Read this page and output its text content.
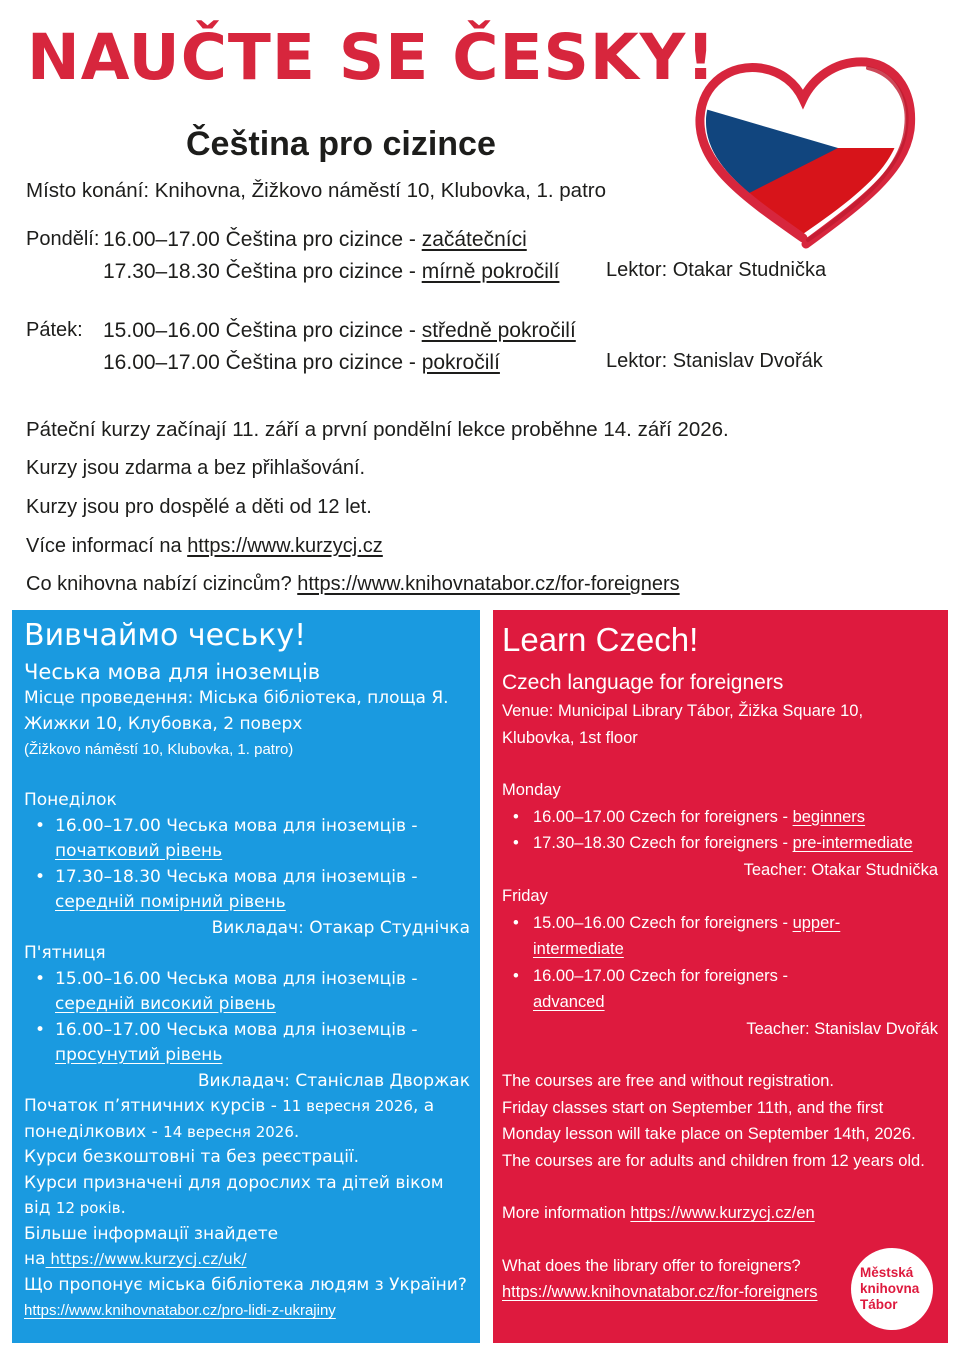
NAUČTE SE ČESKY!
Čeština pro cizince
Místo konání: Knihovna, Žižkovo náměstí 10, Klubovka, 1. patro
Pondělí: 16.00–17.00 Čeština pro cizince - začátečníci
17.30–18.30 Čeština pro cizince - mírně pokročilí Lektor: Otakar Studnička
Pátek: 15.00–16.00 Čeština pro cizince - středně pokročilí
16.00–17.00 Čeština pro cizince - pokročilí	Lektor: Stanislav Dvořák
Páteční kurzy začínají 11. září a první pondělní lekce proběhne 14. září 2026.
Kurzy jsou zdarma a bez přihlašování.
Kurzy jsou pro dospělé a děti od 12 let.
Více informací na https://www.kurzycj.cz
Co knihovna nabízí cizincům? https://www.knihovnatabor.cz/for-foreigners
Вивчаймо чеську!
Чеська мова для іноземців
Місце проведення: Міська бібліотека, площа Я. Жижки 10, Клубовка, 2 поверх
(Žižkovo náměstí 10, Klubovka, 1. patro)
Понеділок
• 16.00–17.00 Чеська мова для іноземців -
початковий рівень
• 17.30–18.30 Чеська мова для іноземців -
середній помірний рівень
Викладач: Отакар Студнічка
П'ятниця
• 15.00–16.00 Чеська мова для іноземців -
середній високий рівень
• 16.00–17.00 Чеська мова для іноземців -
просунутий рівень
Викладач: Станіслав Дворжак
Початок п’ятничних курсів - 11 вересня 2026, а понеділкових - 14 вересня 2026.
Курси безкоштовні та без реєстрації.
Курси призначені для дорослих та дітей віком від 12 років.
Більше інформації знайдете
на https://www.kurzycj.cz/uk/
Що пропонує міська бібліотека людям з України?
https://www.knihovnatabor.cz/pro-lidi-z-ukrajiny
Learn Czech!
Czech language for foreigners
Venue: Municipal Library Tábor, Žižka Square 10, Klubovka, 1st floor
Monday
• 16.00–17.00 Czech for foreigners - beginners
• 17.30–18.30 Czech for foreigners - pre-intermediate
Teacher: Otakar Studnička
Friday
• 15.00–16.00 Czech for foreigners - upper-intermediate
• 16.00–17.00 Czech for foreigners - advanced
Teacher: Stanislav Dvořák
The courses are free and without registration.
Friday classes start on September 11th, and the first Monday lesson will take place on September 14th, 2026.
The courses are for adults and children from 12 years old.
More information https://www.kurzycj.cz/en
What does the library offer to foreigners?
https://www.knihovnatabor.cz/for-foreigners
Městská
knihovna
Tábor
